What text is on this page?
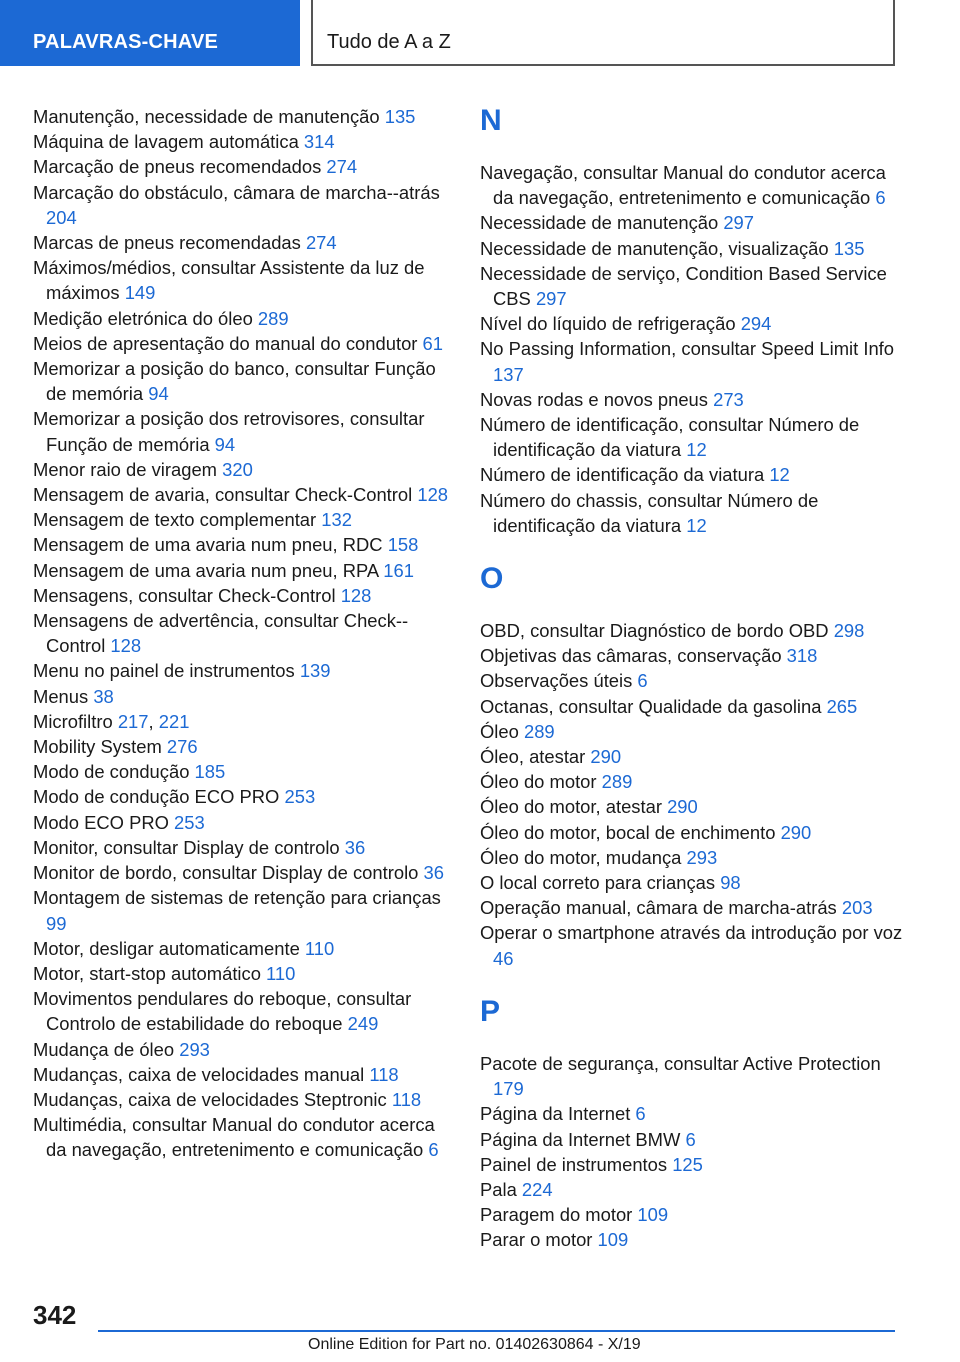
PALAVRAS-CHAVE	Tudo de A a Z
Manutenção, necessidade de manutenção 135
Máquina de lavagem automática 314
Marcação de pneus recomendados 274
Marcação do obstáculo, câmara de marcha--atrás 204
Marcas de pneus recomendadas 274
Máximos/médios, consultar Assistente da luz de máximos 149
Medição eletrónica do óleo 289
Meios de apresentação do manual do condutor 61
Memorizar a posição do banco, consultar Função de memória 94
Memorizar a posição dos retrovisores, consultar Função de memória 94
Menor raio de viragem 320
Mensagem de avaria, consultar Check-Control 128
Mensagem de texto complementar 132
Mensagem de uma avaria num pneu, RDC 158
Mensagem de uma avaria num pneu, RPA 161
Mensagens, consultar Check-Control 128
Mensagens de advertência, consultar Check--Control 128
Menu no painel de instrumentos 139
Menus 38
Microfiltro 217, 221
Mobility System 276
Modo de condução 185
Modo de condução ECO PRO 253
Modo ECO PRO 253
Monitor, consultar Display de controlo 36
Monitor de bordo, consultar Display de controlo 36
Montagem de sistemas de retenção para crianças 99
Motor, desligar automaticamente 110
Motor, start-stop automático 110
Movimentos pendulares do reboque, consultar Controlo de estabilidade do reboque 249
Mudança de óleo 293
Mudanças, caixa de velocidades manual 118
Mudanças, caixa de velocidades Steptronic 118
Multimédia, consultar Manual do condutor acerca da navegação, entretenimento e comunicação 6
N
Navegação, consultar Manual do condutor acerca da navegação, entretenimento e comunicação 6
Necessidade de manutenção 297
Necessidade de manutenção, visualização 135
Necessidade de serviço, Condition Based Service CBS 297
Nível do líquido de refrigeração 294
No Passing Information, consultar Speed Limit Info 137
Novas rodas e novos pneus 273
Número de identificação, consultar Número de identificação da viatura 12
Número de identificação da viatura 12
Número do chassis, consultar Número de identificação da viatura 12
O
OBD, consultar Diagnóstico de bordo OBD 298
Objetivas das câmaras, conservação 318
Observações úteis 6
Octanas, consultar Qualidade da gasolina 265
Óleo 289
Óleo, atestar 290
Óleo do motor 289
Óleo do motor, atestar 290
Óleo do motor, bocal de enchimento 290
Óleo do motor, mudança 293
O local correto para crianças 98
Operação manual, câmara de marcha-atrás 203
Operar o smartphone através da introdução por voz 46
P
Pacote de segurança, consultar Active Protection 179
Página da Internet 6
Página da Internet BMW 6
Painel de instrumentos 125
Pala 224
Paragem do motor 109
Parar o motor 109
342
Online Edition for Part no. 01402630864 - X/19
